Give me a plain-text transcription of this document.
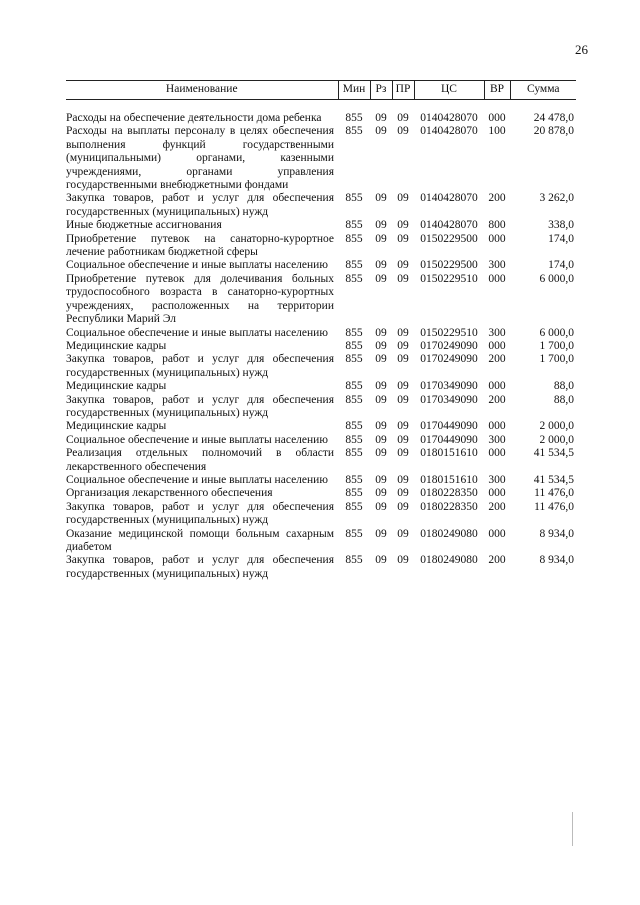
26
Наименование	Мин	Рз	ПР	ЦС	ВР	Сумма

Расходы на обеспечение деятельности дома ребенка	855	09	09	0140428070	000	24 478,0
Расходы на выплаты персоналу в целях обеспечения выполнения функций государственными (муниципальными) органами, казенными учреждениями, органами управления государственными внебюджетными фондами	855	09	09	0140428070	100	20 878,0
Закупка товаров, работ и услуг для обеспечения государственных (муниципальных) нужд	855	09	09	0140428070	200	3 262,0
Иные бюджетные ассигнования	855	09	09	0140428070	800	338,0
Приобретение путевок на санаторно-курортное лечение работникам бюджетной сферы	855	09	09	0150229500	000	174,0
Социальное обеспечение и иные выплаты населению	855	09	09	0150229500	300	174,0
Приобретение путевок для долечивания больных трудоспособного возраста в санаторно-курортных учреждениях, расположенных на территории Республики Марий Эл	855	09	09	0150229510	000	6 000,0
Социальное обеспечение и иные выплаты населению	855	09	09	0150229510	300	6 000,0
Медицинские кадры	855	09	09	0170249090	000	1 700,0
Закупка товаров, работ и услуг для обеспечения государственных (муниципальных) нужд	855	09	09	0170249090	200	1 700,0
Медицинские кадры	855	09	09	0170349090	000	88,0
Закупка товаров, работ и услуг для обеспечения государственных (муниципальных) нужд	855	09	09	0170349090	200	88,0
Медицинские кадры	855	09	09	0170449090	000	2 000,0
Социальное обеспечение и иные выплаты населению	855	09	09	0170449090	300	2 000,0
Реализация отдельных полномочий в области лекарственного обеспечения	855	09	09	0180151610	000	41 534,5
Социальное обеспечение и иные выплаты населению	855	09	09	0180151610	300	41 534,5
Организация лекарственного обеспечения	855	09	09	0180228350	000	11 476,0
Закупка товаров, работ и услуг для обеспечения государственных (муниципальных) нужд	855	09	09	0180228350	200	11 476,0
Оказание медицинской помощи больным сахарным диабетом	855	09	09	0180249080	000	8 934,0
Закупка товаров, работ и услуг для обеспечения государственных (муниципальных) нужд	855	09	09	0180249080	200	8 934,0
